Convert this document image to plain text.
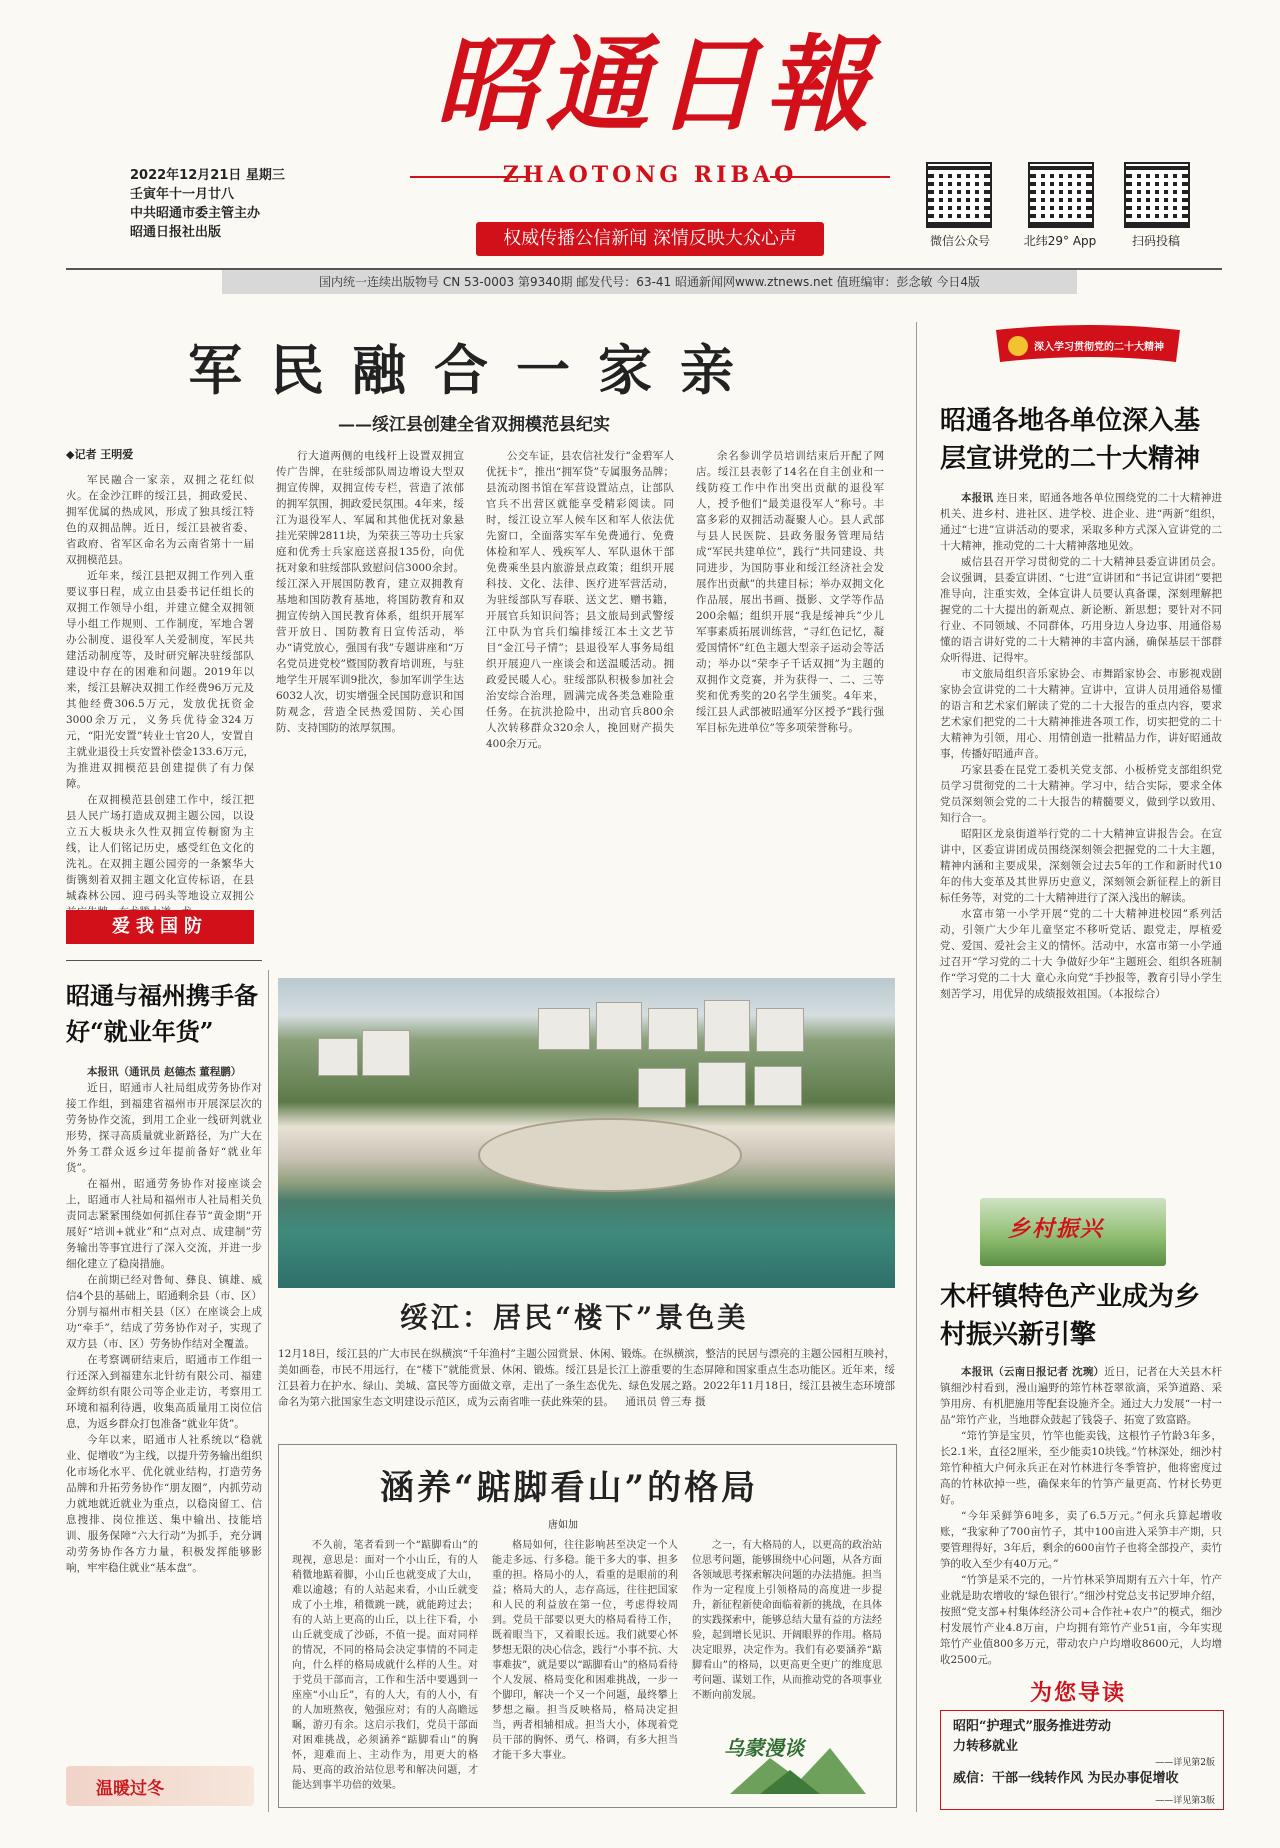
昭通日報
ZHAOTONG RIBAO
权威传播公信新闻 深情反映大众心声
2022年12月21日 星期三
壬寅年十一月廿八
中共昭通市委主管主办
昭通日报社出版
微信公众号	北纬29° App	扫码投稿
国内统一连续出版物号 CN 53-0003 第9340期 邮发代号：63-41 昭通新闻网www.ztnews.net 值班编审：彭念敏 今日4版
军民融合一家亲
——绥江县创建全省双拥模范县纪实
◆记者 王明爱

军民融合一家亲，双拥之花红似火。在金沙江畔的绥江县，拥政爱民、拥军优属的热成风，形成了独具绥江特色的双拥品牌。近日，绥江县被省委、省政府、省军区命名为云南省第十一届双拥模范县。

近年来，绥江县把双拥工作列入重要议事日程，成立由县委书记任组长的双拥工作领导小组，并建立健全双拥领导小组工作规则、工作制度，军地合署办公制度、退役军人关爱制度，军民共建活动制度等，及时研究解决驻绥部队建设中存在的困难和问题。2019年以来，绥江县解决双拥工作经费96万元及其他经费306.5万元，发放优抚资金3000余万元，义务兵优待金324万元，“阳光安置”转业士官20人，安置自主就业退役士兵安置补偿金133.6万元，为推进双拥模范县创建提供了有力保障。

在双拥模范县创建工作中，绥江把县人民广场打造成双拥主题公园，以设立五大板块永久性双拥宣传橱窗为主线，让人们铭记历史，感受红色文化的洗礼。在双拥主题公园旁的一条繁华大街镌刻着双拥主题文化宣传标语，在县城森林公园、迎弓码头等地设立双拥公

行大道两侧的电线杆上设置双拥宣传广告牌，在驻绥部队周边增设大型双拥宣传牌，双拥宣传专栏，营造了浓郁的拥军氛围，拥政爱民氛围。4年来，绥江为退役军人、军属和其他优抚对象悬挂光荣牌2811块，为荣获三等功士兵家庭和优秀士兵家庭送喜报135份，向优抚对象和驻绥部队致慰问信3000余封。绥江深入开展国防教育，建立双拥教育基地和国防教育基地，将国防教育和双拥宣传纳入国民教育体系，组织开展军营开放日、国防教育日宣传活动，举办“请党放心，强国有我”专题讲座和“万名党员进党校”暨国防教育培训班，与驻地学生开展军训9批次，参加军训学生达6032人次，切实增强全民国防意识和国防观念，营造全民热爱国防、关心国防、支持国防的浓厚氛围。

公交车证，县农信社发行“金碧军人优抚卡”，推出“拥军贷”专属服务品牌；县流动图书馆在军营设置站点，让部队官兵不出营区就能享受精彩阅读。同时，绥江设立军人候车区和军人依法优先窗口，全面落实军车免费通行、免费体检和军人、残疾军人、军队退休干部免费乘坐县内旅游景点政策；组织开展科技、文化、法律、医疗进军营活动，为驻绥部队写春联、送文艺、赠书籍，开展官兵知识问答；县文旅局到武警绥江中队为官兵们编排绥江本土文艺节目“金江号子情”；县退役军人事务局组织开展迎八一座谈会和送温暖活动。拥政爱民暖人心。驻绥部队积极参加社会治安综合治理，圆满完成各类急难险重任务。在抗洪抢险中，出动官兵800余人次转移群众320余人，挽回财产损失400余万元。

余名参训学员培训结束后开配了网店。绥江县表彰了14名在自主创业和一线防疫工作中作出突出贡献的退役军人，授予他们“最美退役军人”称号。丰富多彩的双拥活动凝聚人心。县人武部与县人民医院、县政务服务管理局结成“军民共建单位”，践行“共同建设、共同进步，为国防事业和绥江经济社会发展作出贡献”的共建目标；举办双拥文化作品展，展出书画、摄影、文学等作品200余幅；组织开展“我是绥神兵”少儿军事素质拓展训练营，“寻红色记忆，凝爱国情怀”红色主题大型亲子运动会等活动；举办以“荣李子千话双拥”为主题的双拥作文竞赛，并为获得一、二、三等奖和优秀奖的20名学生颁奖。4年来，绥江县人武部被昭通军分区授予“践行强军目标先进单位”等多项荣誉称号。

爱我国防
昭通与福州携手备好“就业年货”

本报讯（通讯员 赵德杰 董程鹏）

近日，昭通市人社局组成劳务协作对接工作组，到福建省福州市开展深层次的劳务协作交流，到用工企业一线研判就业形势，探寻高质量就业新路径，为广大在外务工群众返乡过年提前备好“就业年货”。

在福州，昭通劳务协作对接座谈会上，昭通市人社局和福州市人社局相关负责同志紧紧围绕如何抓住春节“黄金期”开展好“培训+就业”和“点对点、成建制”劳务输出等事宜进行了深入交流，并进一步细化建立了稳岗措施。

在前期已经对鲁甸、彝良、镇雄、威信4个县的基础上，昭通剩余县（市、区）分别与福州市相关县（区）在座谈会上成功“牵手”，结成了劳务协作对子，实现了双方县（市、区）劳务协作结对全覆盖。

在考察调研结束后，昭通市工作组一行还深入到福建东北针纺有限公司、福建金辉纺织有限公司等企业走访，考察用工环境和福利待遇，收集高质量用工岗位信息，为返乡群众打包准备“就业年货”。

今年以来，昭通市人社系统以“稳就业、促增收”为主线，以提升劳务输出组织化市场化水平、优化就业结构，打造劳务品牌和升拓劳务协作“朋友圈”，内抓劳动力就地就近就业为重点，以稳岗留工、信息搜排、岗位推送、集中输出、技能培训、服务保障“六大行动”为抓手，充分调动劳务协作各方力量，积极发挥能够影响，牢牢稳住就业“基本盘”。

温暖过冬
绥江：居民“楼下”景色美
12月18日，绥江县的广大市民在纵横滨“千年渔村”主题公园赏景、休闲、锻炼。在纵横滨，整洁的民居与漂亮的主题公园相互映衬，美如画卷，市民不用远行，在“楼下”就能赏景、休闲、锻炼。绥江县是长江上游重要的生态屏障和国家重点生态功能区。近年来，绥江县着力在护水、绿山、美城、富民等方面做文章，走出了一条生态优先、绿色发展之路。2022年11月18日，绥江县被生态环境部命名为第六批国家生态文明建设示范区，成为云南省唯一获此殊荣的县。 通讯员 曾三寿 摄
涵养“踮脚看山”的格局
唐如加

不久前，笔者看到一个“踮脚看山”的现视，意思是：面对一个小山丘，有的人稍微地踮着脚，小山丘也就变成了大山，难以逾越；有的人站起来看，小山丘就变成了小土堆，稍微跳一跳，就能跨过去；有的人站上更高的山丘，以上往下看，小山丘就变成了沙砾，不值一提。面对同样的情况，不同的格局会决定事情的不同走向，什么样的格局成就什么样的人生。对于党员干部而言，工作和生活中要遇到一座座“小山丘”，有的人大，有的人小，有的人加班熬夜，勉强应对；有的人高瞻远瞩，游刃有余。这启示我们，党员干部面对困难挑战，必须涵养“踮脚看山”的胸怀，迎难而上、主动作为，用更大的格局、更高的政治站位思考和解决问题，才能达到事半功倍的效果。

格局如何，往往影响甚至决定一个人能走多远、行多稳。能干多大的事、担多重的担。格局小的人，看重的是眼前的利益；格局大的人，志存高远，往往把国家和人民的利益放在第一位，考虑得较周到。党员干部要以更大的格局看待工作，既着眼当下，又着眼长远。我们就要心怀梦想无限的决心信念，践行“小事不抗、大事难拔”，就是要以“踮脚看山”的格局看待个人发展、格局变化和困难挑战，一步一个脚印，解决一个又一个问题，最终攀上梦想之巅。担当反映格局，格局决定担当，两者相辅相成。担当大小，体现着党员干部的胸怀、勇气、格调，有多大担当才能干多大事业。

之一，有大格局的人，以更高的政治站位思考问题，能够围绕中心问题，从各方面各领域思考探索解决问题的办法措施。担当作为一定程度上引领格局的高度进一步提升，新征程新使命面临着新的挑战，在具体的实践探索中，能够总结大量有益的方法经验，起到增长见识、开阔眼界的作用。格局决定眼界，决定作为。我们有必要涵养“踮脚看山”的格局，以更高更全更广的维度思考问题、谋划工作，从而推动党的各项事业不断向前发展。

乌蒙漫谈
深入学习贯彻党的二十大精神
昭通各地各单位深入基层宣讲党的二十大精神

本报讯 连日来，昭通各地各单位围绕党的二十大精神进机关、进乡村、进社区、进学校、进企业、进“两新”组织，通过“七进”宣讲活动的要求，采取多种方式深入宣讲党的二十大精神，推动党的二十大精神落地见效。

威信县召开学习贯彻党的二十大精神县委宣讲团员会。会议强调，县委宣讲团、“七进”宣讲团和“书记宣讲团”要把准导向，注重实效，全体宣讲人员要认真备课，深刻理解把握党的二十大提出的新观点、新论断、新思想；要针对不同行业、不同领域、不同群体，巧用身边人身边事、用通俗易懂的语言讲好党的二十大精神的丰富内涵，确保基层干部群众听得进、记得牢。

市文旅局组织音乐家协会、市舞蹈家协会、市影视戏剧家协会宣讲党的二十大精神。宣讲中，宣讲人员用通俗易懂的语言和艺术家们解读了党的二十大报告的重点内容，要求艺术家们把党的二十大精神推进各项工作，切实把党的二十大精神为引领，用心、用情创造一批精品力作，讲好昭通故事，传播好昭通声音。

巧家县委在昆党工委机关党支部、小板桥党支部组织党员学习贯彻党的二十大精神。学习中，结合实际，要求全体党员深刻领会党的二十大报告的精髓要义，做到学以致用、知行合一。

昭阳区龙泉街道举行党的二十大精神宣讲报告会。在宣讲中，区委宣讲团成员围绕深刻领会把握党的二十大主题，精神内涵和主要成果，深刻领会过去5年的工作和新时代10年的伟大变革及其世界历史意义，深刻领会新征程上的新目标任务等，对党的二十大精神进行了深入浅出的解读。

水富市第一小学开展“党的二十大精神进校园”系列活动，引领广大少年儿童坚定不移听党话、跟党走，厚植爱党、爱国、爱社会主义的情怀。活动中，水富市第一小学通过召开“学习党的二十大 争做好少年”主题班会、组织各班制作“学习党的二十大 童心永向党”手抄报等，教育引导小学生刻苦学习，用优异的成绩报效祖国。（本报综合）

乡村振兴
木杆镇特色产业成为乡村振兴新引擎

本报讯（云南日报记者 沈琬）近日，记者在大关县木杆镇细沙村看到，漫山遍野的筇竹林苍翠欲滴，采笋道路、采笋用房、有机肥施用等配套设施齐全。通过大力发展“一村一品”筇竹产业，当地群众鼓起了钱袋子、拓宽了致富路。

“筇竹笋是宝贝，竹竿也能卖钱，这根竹子竹龄3年多，长2.1米，直径2厘米，至少能卖10块钱。”竹林深处，细沙村筇竹种植大户何永兵正在对竹林进行冬季管护，他将密度过高的竹林砍掉一些，确保来年的竹笋产量更高、竹材长势更好。

“今年采鲜笋6吨多，卖了6.5万元。”何永兵算起增收账，“我家种了700亩竹子，其中100亩进入采笋丰产期，只要管理得好，3年后，剩余的600亩竹子也将全部投产，卖竹笋的收入至少有40万元。”

“竹笋是采不完的，一片竹林采笋周期有五六十年，竹产业就是助农增收的‘绿色银行’。”细沙村党总支书记罗坤介绍，按照“党支部+村集体经济公司+合作社+农户”的模式，细沙村发展竹产业4.8万亩，户均拥有筇竹产业51亩，今年实现筇竹产业值800多万元，带动农户户均增收8600元，人均增收2500元。

为您导读
昭阳“护理式”服务推进劳动力转移就业
——详见第2版
威信：干部一线转作风 为民办事促增收
——详见第3版
